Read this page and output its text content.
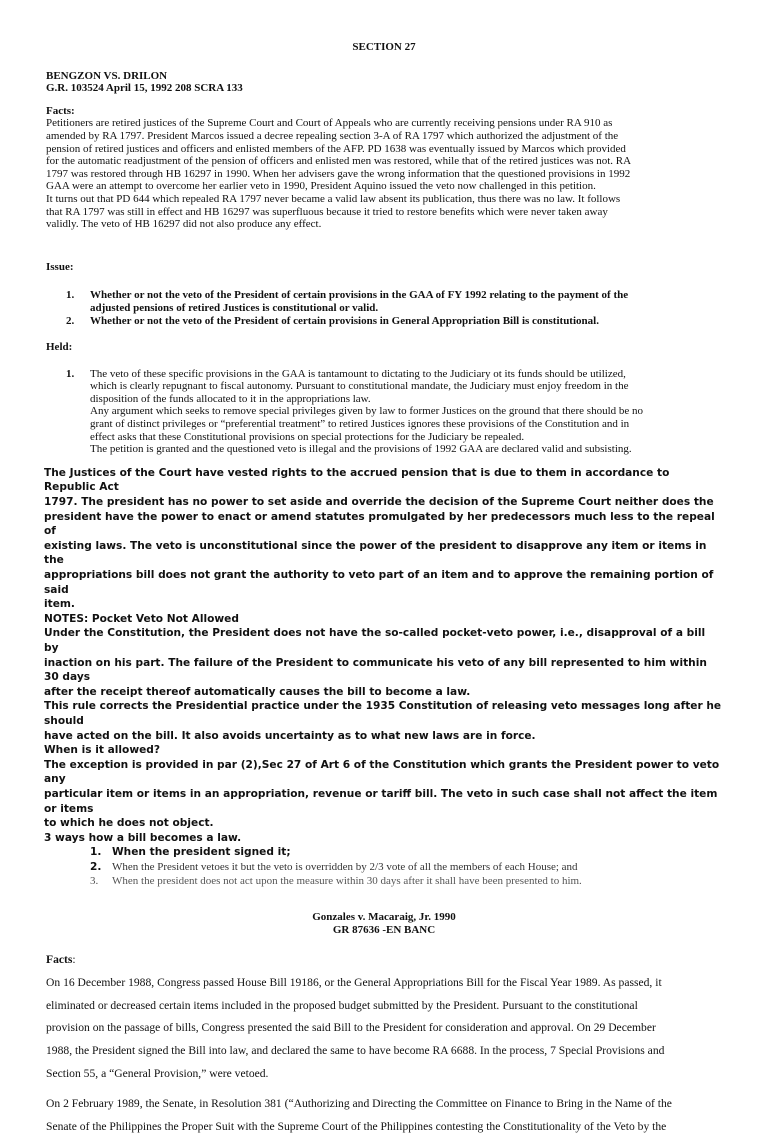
SECTION 27

BENGZON VS. DRILON

G.R. 103524 April 15, 1992 208 SCRA 133

Facts:

Petitioners are retired justices of the Supreme Court and Court of Appeals who are currently receiving pensions under RA 910 as

amended by RA 1797. President Marcos issued a decree repealing section 3-A of RA 1797 which authorized the adjustment of the

pension of retired justices and officers and enlisted members of the AFP. PD 1638 was eventually issued by Marcos which provided

for the automatic readjustment of the pension of officers and enlisted men was restored, while that of the retired justices was not. RA

1797 was restored through HB 16297 in 1990. When her advisers gave the wrong information that the questioned provisions in 1992

GAA were an attempt to overcome her earlier veto in 1990, President Aquino issued the veto now challenged in this petition.

It turns out that PD 644 which repealed RA 1797 never became a valid law absent its publication, thus there was no law. It follows

that RA 1797 was still in effect and HB 16297 was superfluous because it tried to restore benefits which were never taken away

validly. The veto of HB 16297 did not also produce any effect.

Issue:

1. Whether or not the veto of the President of certain provisions in the GAA of FY 1992 relating to the payment of the

adjusted pensions of retired Justices is constitutional or valid.

2. Whether or not the veto of the President of certain provisions in General Appropriation Bill is constitutional.

Held:

1. The veto of these specific provisions in the GAA is tantamount to dictating to the Judiciary ot its funds should be utilized,

which is clearly repugnant to fiscal autonomy. Pursuant to constitutional mandate, the Judiciary must enjoy freedom in the

disposition of the funds allocated to it in the appropriations law.

Any argument which seeks to remove special privileges given by law to former Justices on the ground that there should be no

grant of distinct privileges or “preferential treatment” to retired Justices ignores these provisions of the Constitution and in

effect asks that these Constitutional provisions on special protections for the Judiciary be repealed.

The petition is granted and the questioned veto is illegal and the provisions of 1992 GAA are declared valid and subsisting.

The Justices of the Court have vested rights to the accrued pension that is due to them in accordance to Republic Act

1797. The president has no power to set aside and override the decision of the Supreme Court neither does the

president have the power to enact or amend statutes promulgated by her predecessors much less to the repeal of

existing laws. The veto is unconstitutional since the power of the president to disapprove any item or items in the

appropriations bill does not grant the authority to veto part of an item and to approve the remaining portion of said

item.

NOTES: Pocket Veto Not Allowed

Under the Constitution, the President does not have the so-called pocket-veto power, i.e., disapproval of a bill by

inaction on his part. The failure of the President to communicate his veto of any bill represented to him within 30 days

after the receipt thereof automatically causes the bill to become a law.

This rule corrects the Presidential practice under the 1935 Constitution of releasing veto messages long after he should

have acted on the bill. It also avoids uncertainty as to what new laws are in force.

When is it allowed?

The exception is provided in par (2),Sec 27 of Art 6 of the Constitution which grants the President power to veto any

particular item or items in an appropriation, revenue or tariff bill. The veto in such case shall not affect the item or items

to which he does not object.

3 ways how a bill becomes a law.

1. When the president signed it;

2. When the President vetoes it but the veto is overridden by 2/3 vote of all the members of each House; and

3. When the president does not act upon the measure within 30 days after it shall have been presented to him.

Gonzales v. Macaraig, Jr. 1990

GR 87636 -EN BANC

Facts:

On 16 December 1988, Congress passed House Bill 19186, or the General Appropriations Bill for the Fiscal Year 1989. As passed, it

eliminated or decreased certain items included in the proposed budget submitted by the President. Pursuant to the constitutional

provision on the passage of bills, Congress presented the said Bill to the President for consideration and approval. On 29 December

1988, the President signed the Bill into law, and declared the same to have become RA 6688. In the process, 7 Special Provisions and

Section 55, a “General Provision,” were vetoed.

On 2 February 1989, the Senate, in Resolution 381 (“Authorizing and Directing the Committee on Finance to Bring in the Name of the

Senate of the Philippines the Proper Suit with the Supreme Court of the Philippines contesting the Constitutionality of the Veto by the
